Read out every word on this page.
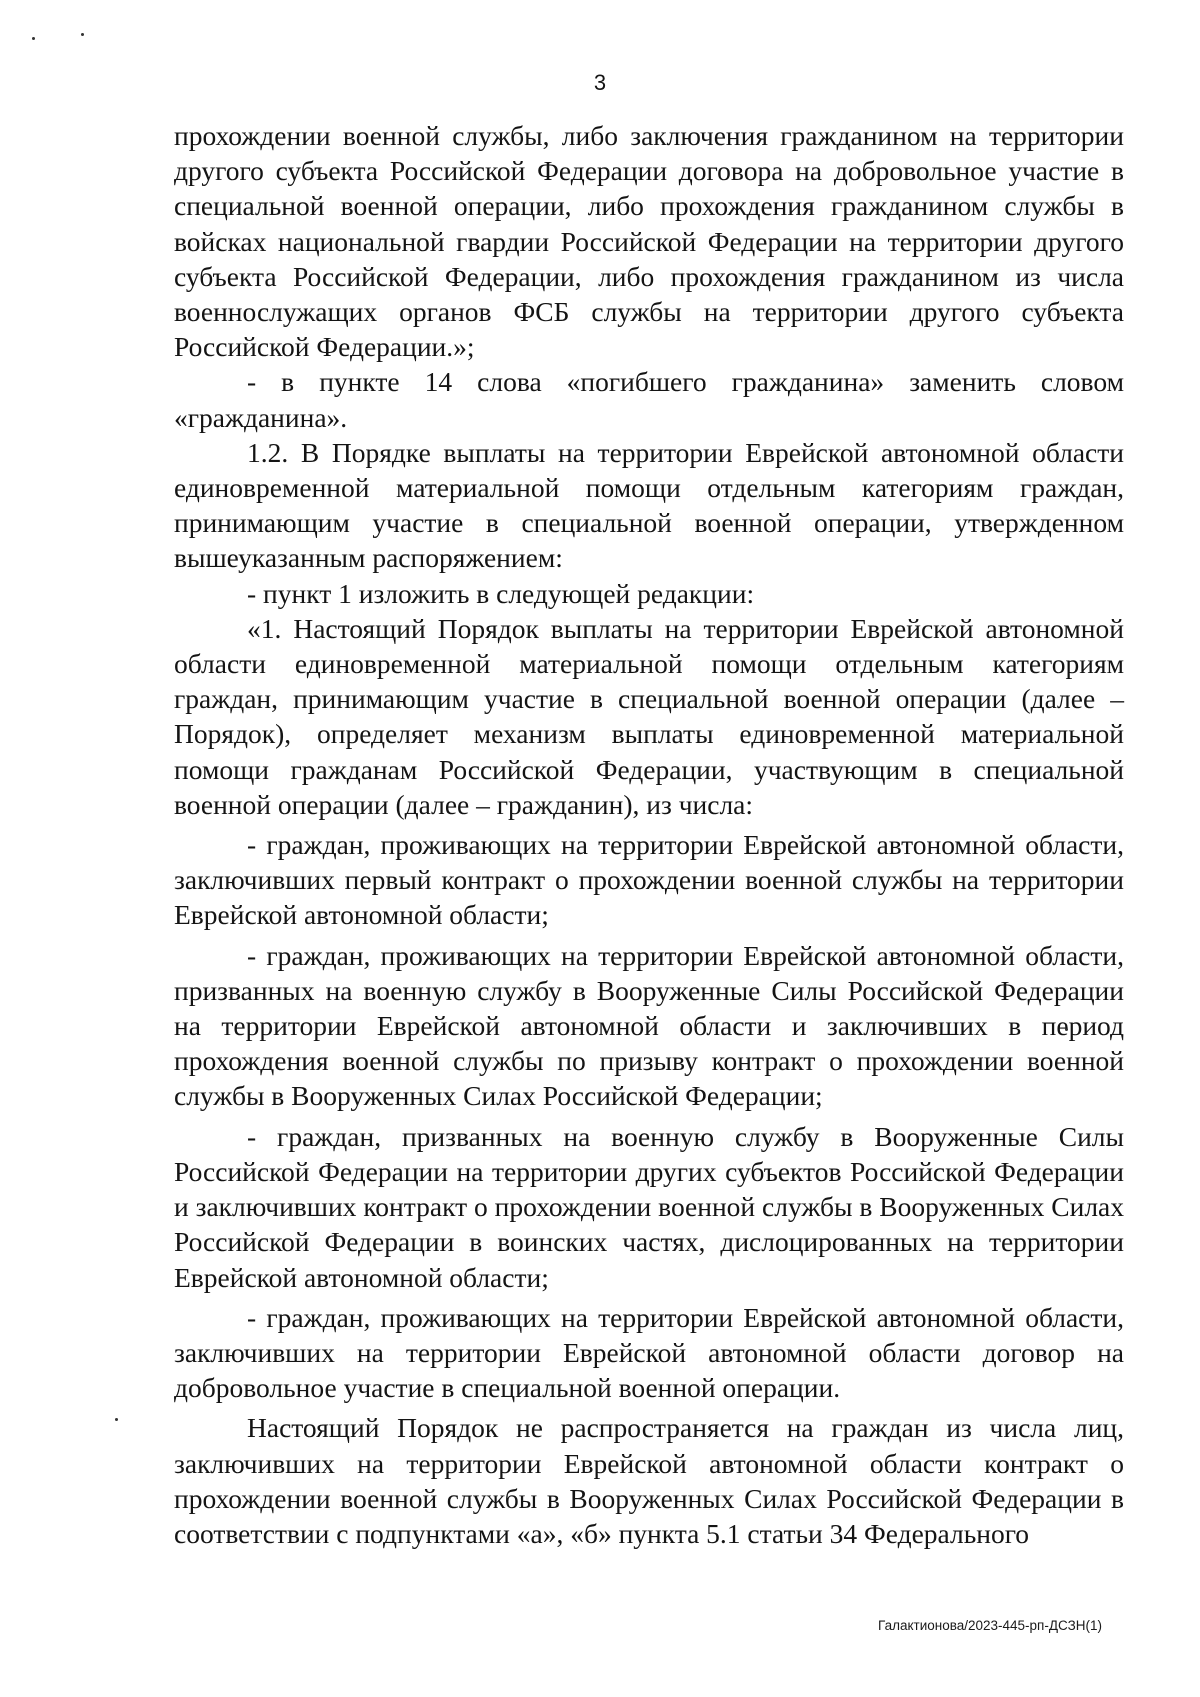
3

прохождении военной службы, либо заключения гражданином на территории другого субъекта Российской Федерации договора на добровольное участие в специальной военной операции, либо прохождения гражданином службы в войсках национальной гвардии Российской Федерации на территории другого субъекта Российской Федерации, либо прохождения гражданином из числа военнослужащих органов ФСБ службы на территории другого субъекта Российской Федерации.»;

- в пункте 14 слова «погибшего гражданина» заменить словом «гражданина».

1.2. В Порядке выплаты на территории Еврейской автономной области единовременной материальной помощи отдельным категориям граждан, принимающим участие в специальной военной операции, утвержденном вышеуказанным распоряжением:

- пункт 1 изложить в следующей редакции:

«1. Настоящий Порядок выплаты на территории Еврейской автономной области единовременной материальной помощи отдельным категориям граждан, принимающим участие в специальной военной операции (далее – Порядок), определяет механизм выплаты единовременной материальной помощи гражданам Российской Федерации, участвующим в специальной военной операции (далее – гражданин), из числа:

- граждан, проживающих на территории Еврейской автономной области, заключивших первый контракт о прохождении военной службы на территории Еврейской автономной области;

- граждан, проживающих на территории Еврейской автономной области, призванных на военную службу в Вооруженные Силы Российской Федерации на территории Еврейской автономной области и заключивших в период прохождения военной службы по призыву контракт о прохождении военной службы в Вооруженных Силах Российской Федерации;

- граждан, призванных на военную службу в Вооруженные Силы Российской Федерации на территории других субъектов Российской Федерации и заключивших контракт о прохождении военной службы в Вооруженных Силах Российской Федерации в воинских частях, дислоцированных на территории Еврейской автономной области;

- граждан, проживающих на территории Еврейской автономной области, заключивших на территории Еврейской автономной области договор на добровольное участие в специальной военной операции.

Настоящий Порядок не распространяется на граждан из числа лиц, заключивших на территории Еврейской автономной области контракт о прохождении военной службы в Вооруженных Силах Российской Федерации в соответствии с подпунктами «а», «б» пункта 5.1 статьи 34 Федерального

Галактионова/2023-445-рп-ДСЗН(1)
